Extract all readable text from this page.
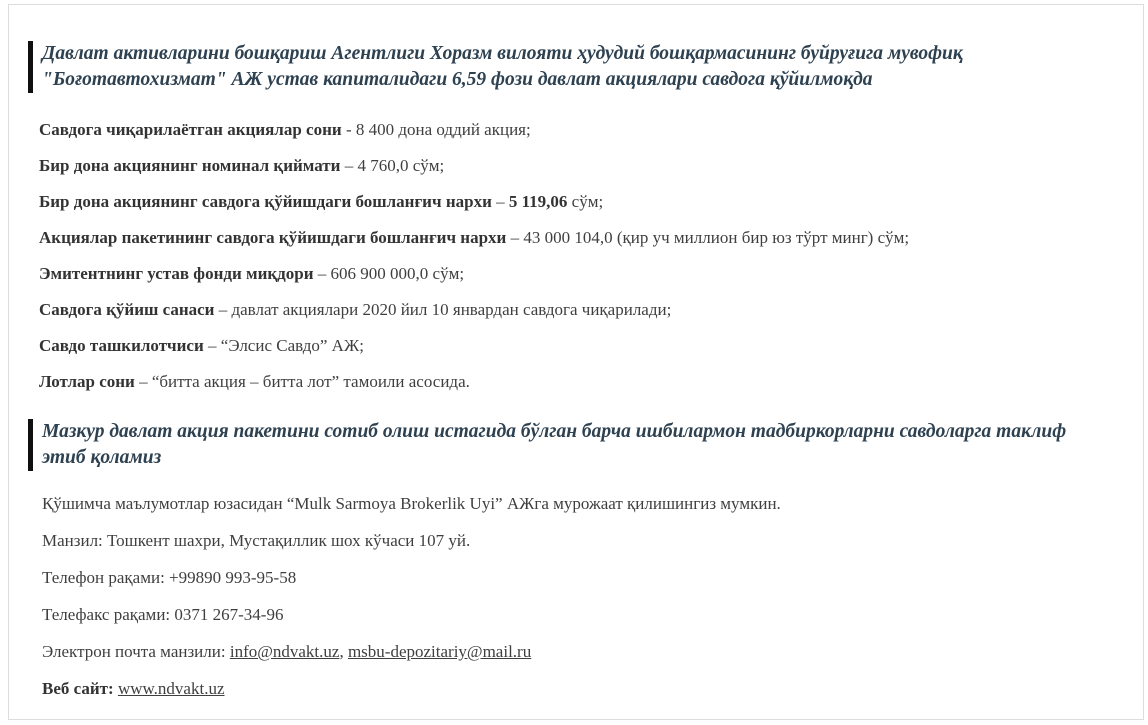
Давлат активларини бошқариш Агентлиги Хоразм вилояти ҳудудий бошқармасининг буйруғига мувофиқ "Боғотавтохизмат" АЖ устав капиталидаги 6,59 фози давлат акциялари савдога қўйилмоқда

Савдога чиқарилаётган акциялар сони - 8 400 дона оддий акция;

Бир дона акциянинг номинал қиймати – 4 760,0 сўм;

Бир дона акциянинг савдога қўйишдаги бошланғич нархи – 5 119,06 сўм;

Акциялар пакетининг савдога қўйишдаги бошланғич нархи – 43 000 104,0 (қир уч миллион бир юз тўрт минг) сўм;

Эмитентнинг устав фонди миқдори – 606 900 000,0 сўм;

Савдога қўйиш санаси – давлат акциялари 2020 йил 10 январдан савдога чиқарилади;

Савдо ташкилотчиси – “Элсис Савдо” АЖ;

Лотлар сони – “битта акция – битта лот” тамоили асосида.

Мазкур давлат акция пакетини сотиб олиш истагида бўлган барча ишбилармон тадбиркорларни савдоларга таклиф этиб қоламиз

Қўшимча маълумотлар юзасидан “Mulk Sarmoya Brokerlik Uyi” АЖга мурожаат қилишингиз мумкин.

Манзил: Тошкент шахри, Мустақиллик шох кўчаси 107 уй.

Телефон рақами: +99890 993-95-58

Телефакс рақами: 0371 267-34-96

Электрон почта манзили: info@ndvakt.uz, msbu-depozitariy@mail.ru

Веб сайт: www.ndvakt.uz
